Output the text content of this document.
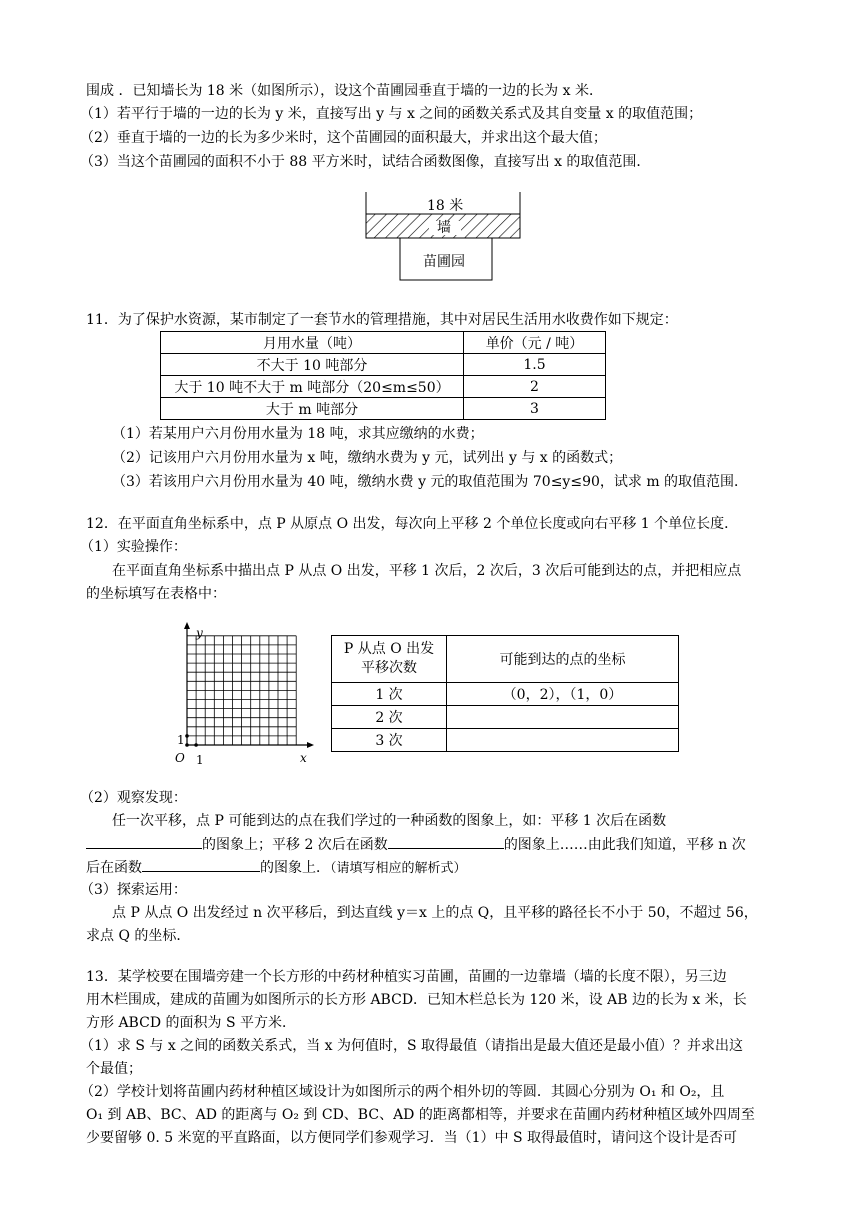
围成 ．已知墙长为 18 米（如图所示），设这个苗圃园垂直于墙的一边的长为 x 米．
（1）若平行于墙的一边的长为 y 米，直接写出 y 与 x 之间的函数关系式及其自变量 x 的取值范围；
（2）垂直于墙的一边的长为多少米时，这个苗圃园的面积最大，并求出这个最大值；
（3）当这个苗圃园的面积不小于 88 平方米时，试结合函数图像，直接写出 x 的取值范围．
18 米
墙
苗圃园
11．为了保护水资源，某市制定了一套节水的管理措施，其中对居民生活用水收费作如下规定：
月用水量（吨）	单价（元 / 吨）
不大于 10 吨部分	1.5
大于 10 吨不大于 m 吨部分（20≤m≤50）	2
大于 m 吨部分	3
（1）若某用户六月份用水量为 18 吨，求其应缴纳的水费；
（2）记该用户六月份用水量为 x 吨，缴纳水费为 y 元，试列出 y 与 x 的函数式；
（3）若该用户六月份用水量为 40 吨，缴纳水费 y 元的取值范围为 70≤y≤90，试求 m 的取值范围．
12．在平面直角坐标系中，点 P 从原点 O 出发，每次向上平移 2 个单位长度或向右平移 1 个单位长度．
（1）实验操作：
在平面直角坐标系中描出点 P 从点 O 出发，平移 1 次后，2 次后，3 次后可能到达的点，并把相应点
的坐标填写在表格中：
y
x
O 1
1
P 从点 O 出发
平移次数	可能到达的点的坐标
1 次	（0，2），（1，0）
2 次	
3 次	
（2）观察发现：
任一次平移，点 P 可能到达的点在我们学过的一种函数的图象上，如：平移 1 次后在函数
的图象上；平移 2 次后在函数	的图象上……由此我们知道，平移 n 次
后在函数	的图象上．（请填写相应的解析式）
（3）探索运用：
点 P 从点 O 出发经过 n 次平移后，到达直线 y＝x 上的点 Q，且平移的路径长不小于 50，不超过 56，
求点 Q 的坐标．
13．某学校要在围墙旁建一个长方形的中药材种植实习苗圃，苗圃的一边靠墙（墙的长度不限），另三边
用木栏围成，建成的苗圃为如图所示的长方形 ABCD．已知木栏总长为 120 米，设 AB 边的长为 x 米，长
方形 ABCD 的面积为 S 平方米．
（1）求 S 与 x 之间的函数关系式，当 x 为何值时，S 取得最值（请指出是最大值还是最小值）？并求出这
个最值；
（2）学校计划将苗圃内药材种植区域设计为如图所示的两个相外切的等圆．其圆心分别为 O₁ 和 O₂，且
O₁ 到 AB、BC、AD 的距离与 O₂ 到 CD、BC、AD 的距离都相等，并要求在苗圃内药材种植区域外四周至
少要留够 0. 5 米宽的平直路面，以方便同学们参观学习．当（1）中 S 取得最值时，请问这个设计是否可
